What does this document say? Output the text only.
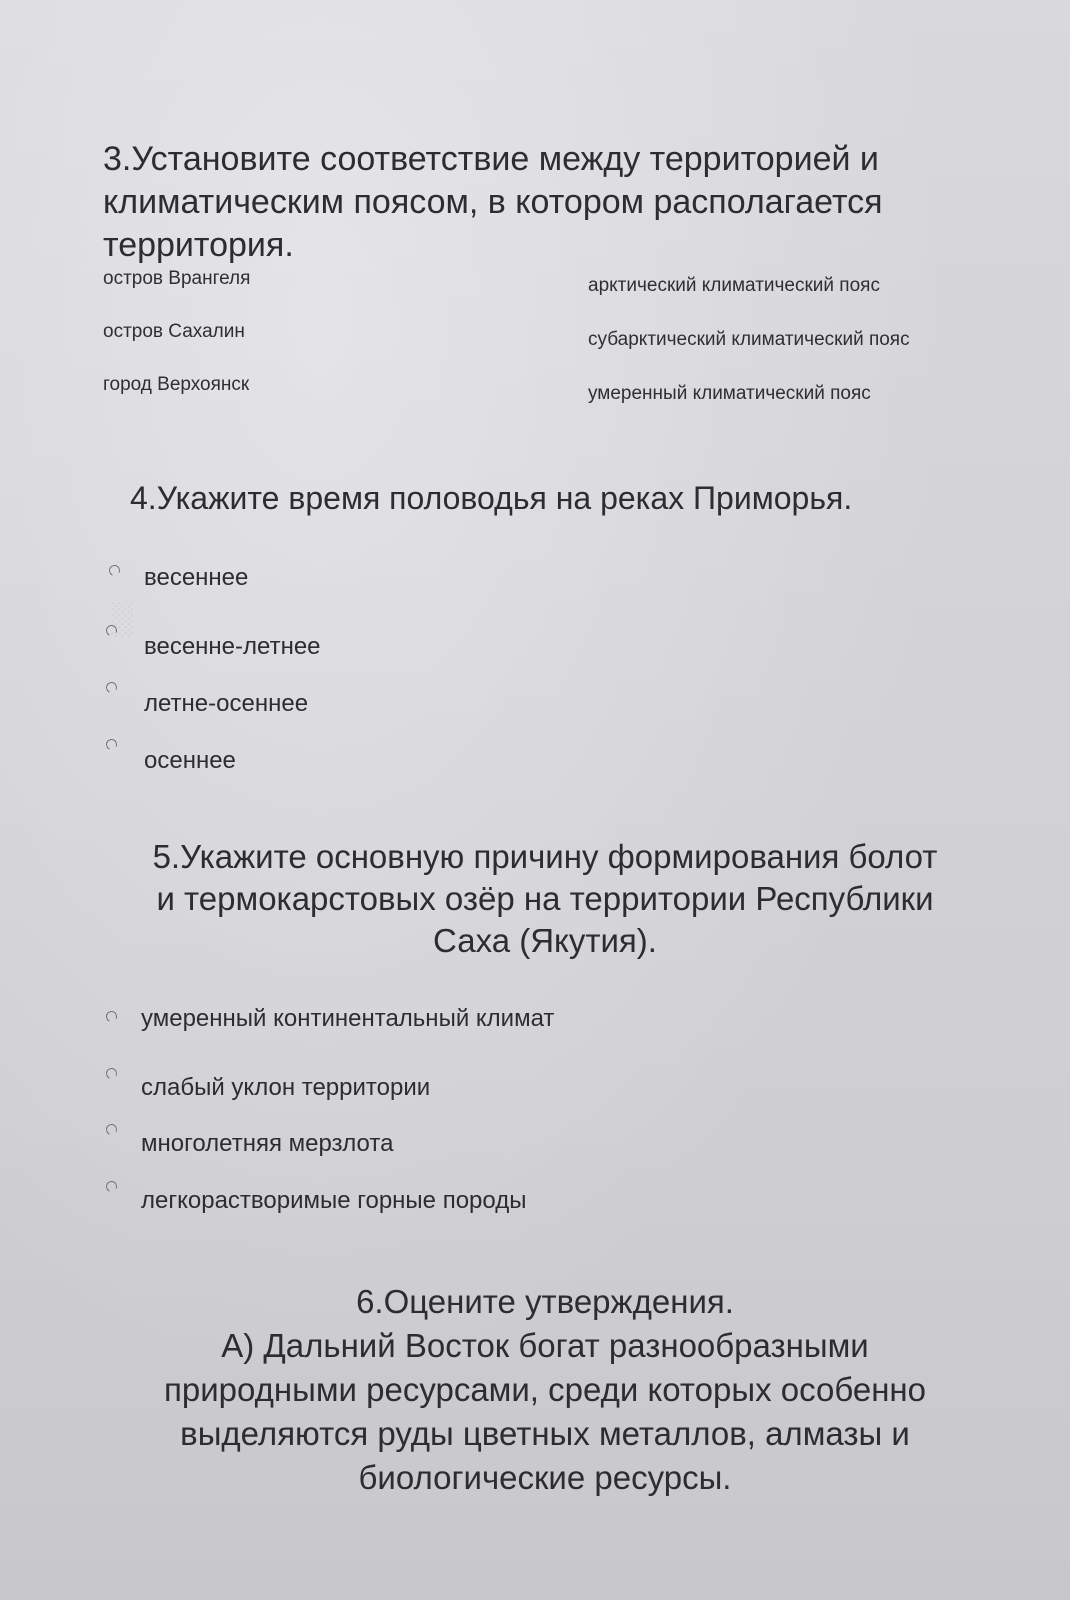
░
3.Установите соответствие между территорией и
климатическим поясом, в котором располагается
территория.
остров Врангеля
остров Сахалин
город Верхоянск
арктический климатический пояс
субарктический климатический пояс
умеренный климатический пояс
4.Укажите время половодья на реках Приморья.
весеннее
весенне-летнее
летне-осеннее
осеннее
5.Укажите основную причину формирования болот
и термокарстовых озёр на территории Республики
Саха (Якутия).
умеренный континентальный климат
слабый уклон территории
многолетняя мерзлота
легкорастворимые горные породы
6.Оцените утверждения.
А) Дальний Восток богат разнообразными
природными ресурсами, среди которых особенно
выделяются руды цветных металлов, алмазы и
биологические ресурсы.
